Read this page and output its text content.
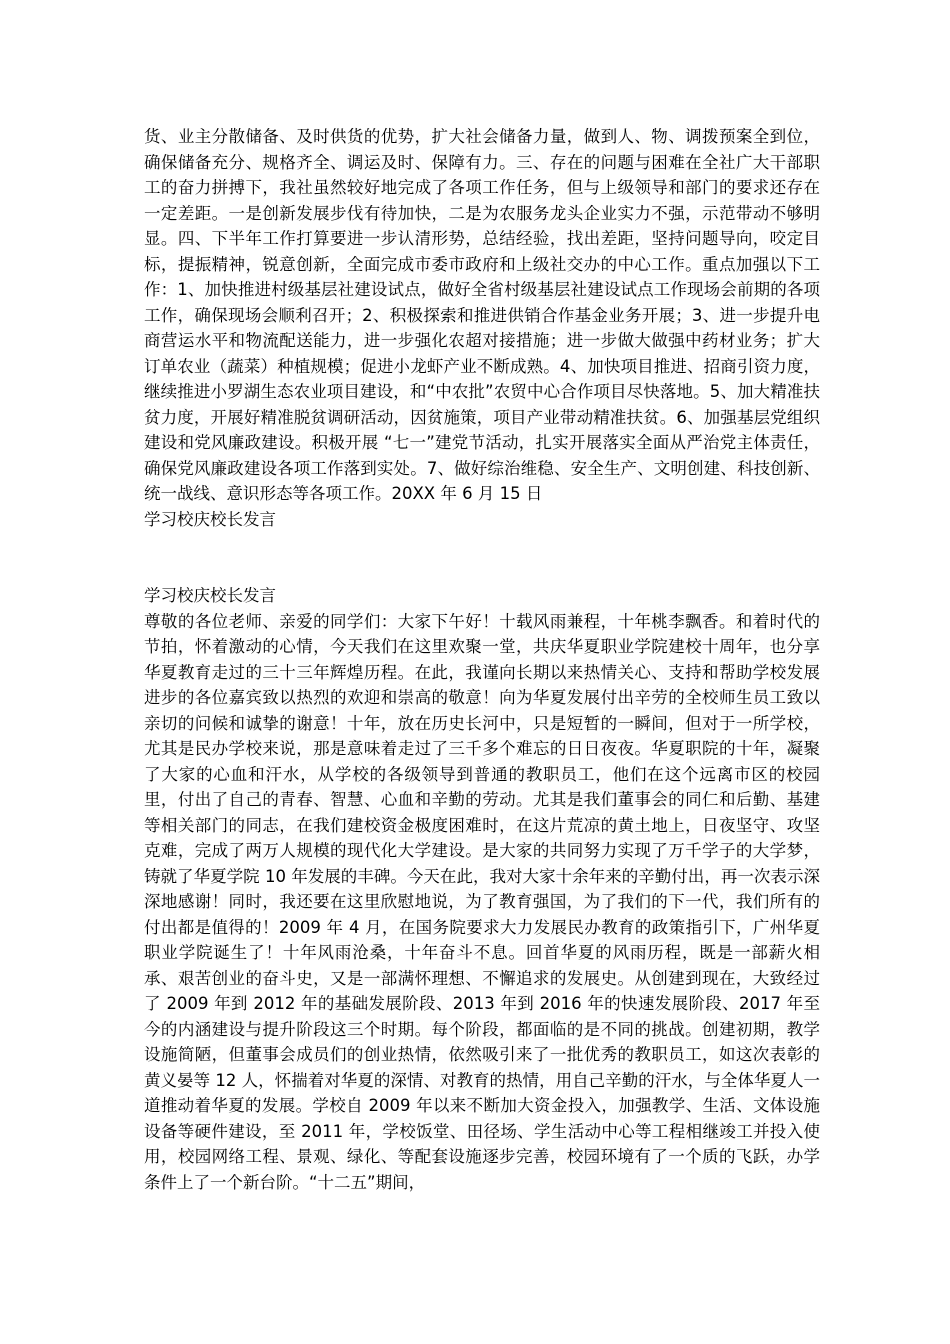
货、业主分散储备、及时供货的优势，扩大社会储备力量，做到人、物、调拨预案全到位，确保储备充分、规格齐全、调运及时、保障有力。三、存在的问题与困难在全社广大干部职工的奋力拼搏下，我社虽然较好地完成了各项工作任务，但与上级领导和部门的要求还存在一定差距。一是创新发展步伐有待加快，二是为农服务龙头企业实力不强，示范带动不够明显。四、下半年工作打算要进一步认清形势，总结经验，找出差距，坚持问题导向，咬定目标，提振精神，锐意创新，全面完成市委市政府和上级社交办的中心工作。重点加强以下工作：1、加快推进村级基层社建设试点，做好全省村级基层社建设试点工作现场会前期的各项工作，确保现场会顺利召开；2、积极探索和推进供销合作基金业务开展；3、进一步提升电商营运水平和物流配送能力，进一步强化农超对接措施；进一步做大做强中药材业务；扩大订单农业（蔬菜）种植规模；促进小龙虾产业不断成熟。4、加快项目推进、招商引资力度，继续推进小罗湖生态农业项目建设，和“中农批”农贸中心合作项目尽快落地。5、加大精准扶贫力度，开展好精准脱贫调研活动，因贫施策，项目产业带动精准扶贫。6、加强基层党组织建设和党风廉政建设。积极开展 “七一”建党节活动，扎实开展落实全面从严治党主体责任，确保党风廉政建设各项工作落到实处。7、做好综治维稳、安全生产、文明创建、科技创新、统一战线、意识形态等各项工作。20XX 年 6 月 15 日

学习校庆校长发言

学习校庆校长发言

尊敬的各位老师、亲爱的同学们：大家下午好！十载风雨兼程，十年桃李飘香。和着时代的节拍，怀着激动的心情，今天我们在这里欢聚一堂，共庆华夏职业学院建校十周年，也分享华夏教育走过的三十三年辉煌历程。在此，我谨向长期以来热情关心、支持和帮助学校发展进步的各位嘉宾致以热烈的欢迎和崇高的敬意！向为华夏发展付出辛劳的全校师生员工致以亲切的问候和诚挚的谢意！十年，放在历史长河中，只是短暂的一瞬间，但对于一所学校，尤其是民办学校来说，那是意味着走过了三千多个难忘的日日夜夜。华夏职院的十年，凝聚了大家的心血和汗水，从学校的各级领导到普通的教职员工，他们在这个远离市区的校园里，付出了自己的青春、智慧、心血和辛勤的劳动。尤其是我们董事会的同仁和后勤、基建等相关部门的同志，在我们建校资金极度困难时，在这片荒凉的黄土地上，日夜坚守、攻坚克难，完成了两万人规模的现代化大学建设。是大家的共同努力实现了万千学子的大学梦，铸就了华夏学院 10 年发展的丰碑。今天在此，我对大家十余年来的辛勤付出，再一次表示深深地感谢！同时，我还要在这里欣慰地说，为了教育强国，为了我们的下一代，我们所有的付出都是值得的！2009 年 4 月，在国务院要求大力发展民办教育的政策指引下，广州华夏职业学院诞生了！十年风雨沧桑，十年奋斗不息。回首华夏的风雨历程，既是一部薪火相承、艰苦创业的奋斗史，又是一部满怀理想、不懈追求的发展史。从创建到现在，大致经过了 2009 年到 2012 年的基础发展阶段、2013 年到 2016 年的快速发展阶段、2017 年至今的内涵建设与提升阶段这三个时期。每个阶段，都面临的是不同的挑战。创建初期，教学设施简陋，但董事会成员们的创业热情，依然吸引来了一批优秀的教职员工，如这次表彰的黄义晏等 12 人，怀揣着对华夏的深情、对教育的热情，用自己辛勤的汗水，与全体华夏人一道推动着华夏的发展。学校自 2009 年以来不断加大资金投入，加强教学、生活、文体设施设备等硬件建设，至 2011 年，学校饭堂、田径场、学生活动中心等工程相继竣工并投入使用，校园网络工程、景观、绿化、等配套设施逐步完善，校园环境有了一个质的飞跃，办学条件上了一个新台阶。“十二五”期间，
